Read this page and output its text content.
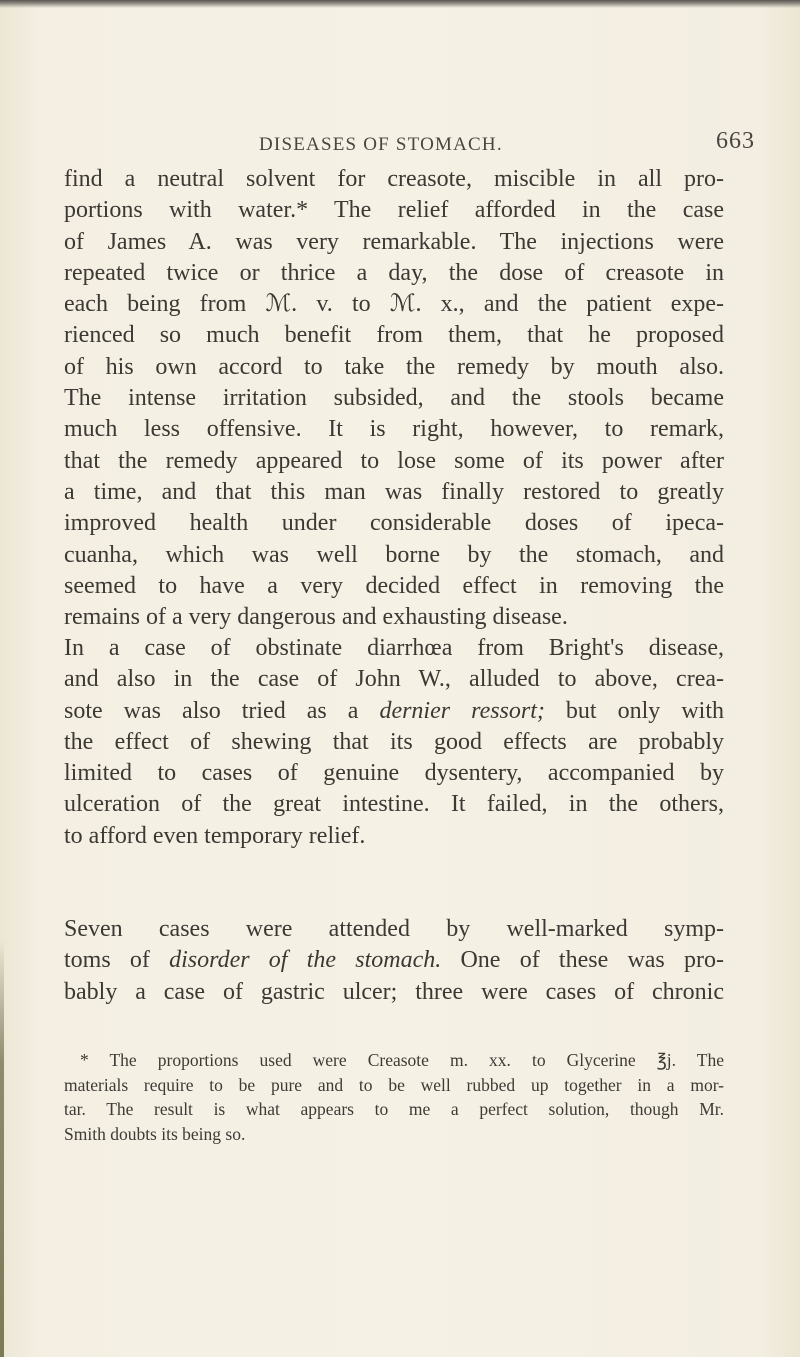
DISEASES OF STOMACH.	663
find a neutral solvent for creasote, miscible in all pro-
portions with water.* The relief afforded in the case
of James A. was very remarkable. The injections were
repeated twice or thrice a day, the dose of creasote in
each being from ℳ. v. to ℳ. x., and the patient expe-
rienced so much benefit from them, that he proposed
of his own accord to take the remedy by mouth also.
The intense irritation subsided, and the stools became
much less offensive. It is right, however, to remark,
that the remedy appeared to lose some of its power after
a time, and that this man was finally restored to greatly
improved health under considerable doses of ipeca-
cuanha, which was well borne by the stomach, and
seemed to have a very decided effect in removing the
remains of a very dangerous and exhausting disease.
In a case of obstinate diarrhœa from Bright's disease,
and also in the case of John W., alluded to above, crea-
sote was also tried as a dernier ressort; but only with
the effect of shewing that its good effects are probably
limited to cases of genuine dysentery, accompanied by
ulceration of the great intestine. It failed, in the others,
to afford even temporary relief.
Seven cases were attended by well-marked symp-
toms of disorder of the stomach. One of these was pro-
bably a case of gastric ulcer; three were cases of chronic
* The proportions used were Creasote m. xx. to Glycerine ℥j. The
materials require to be pure and to be well rubbed up together in a mor-
tar. The result is what appears to me a perfect solution, though Mr.
Smith doubts its being so.
